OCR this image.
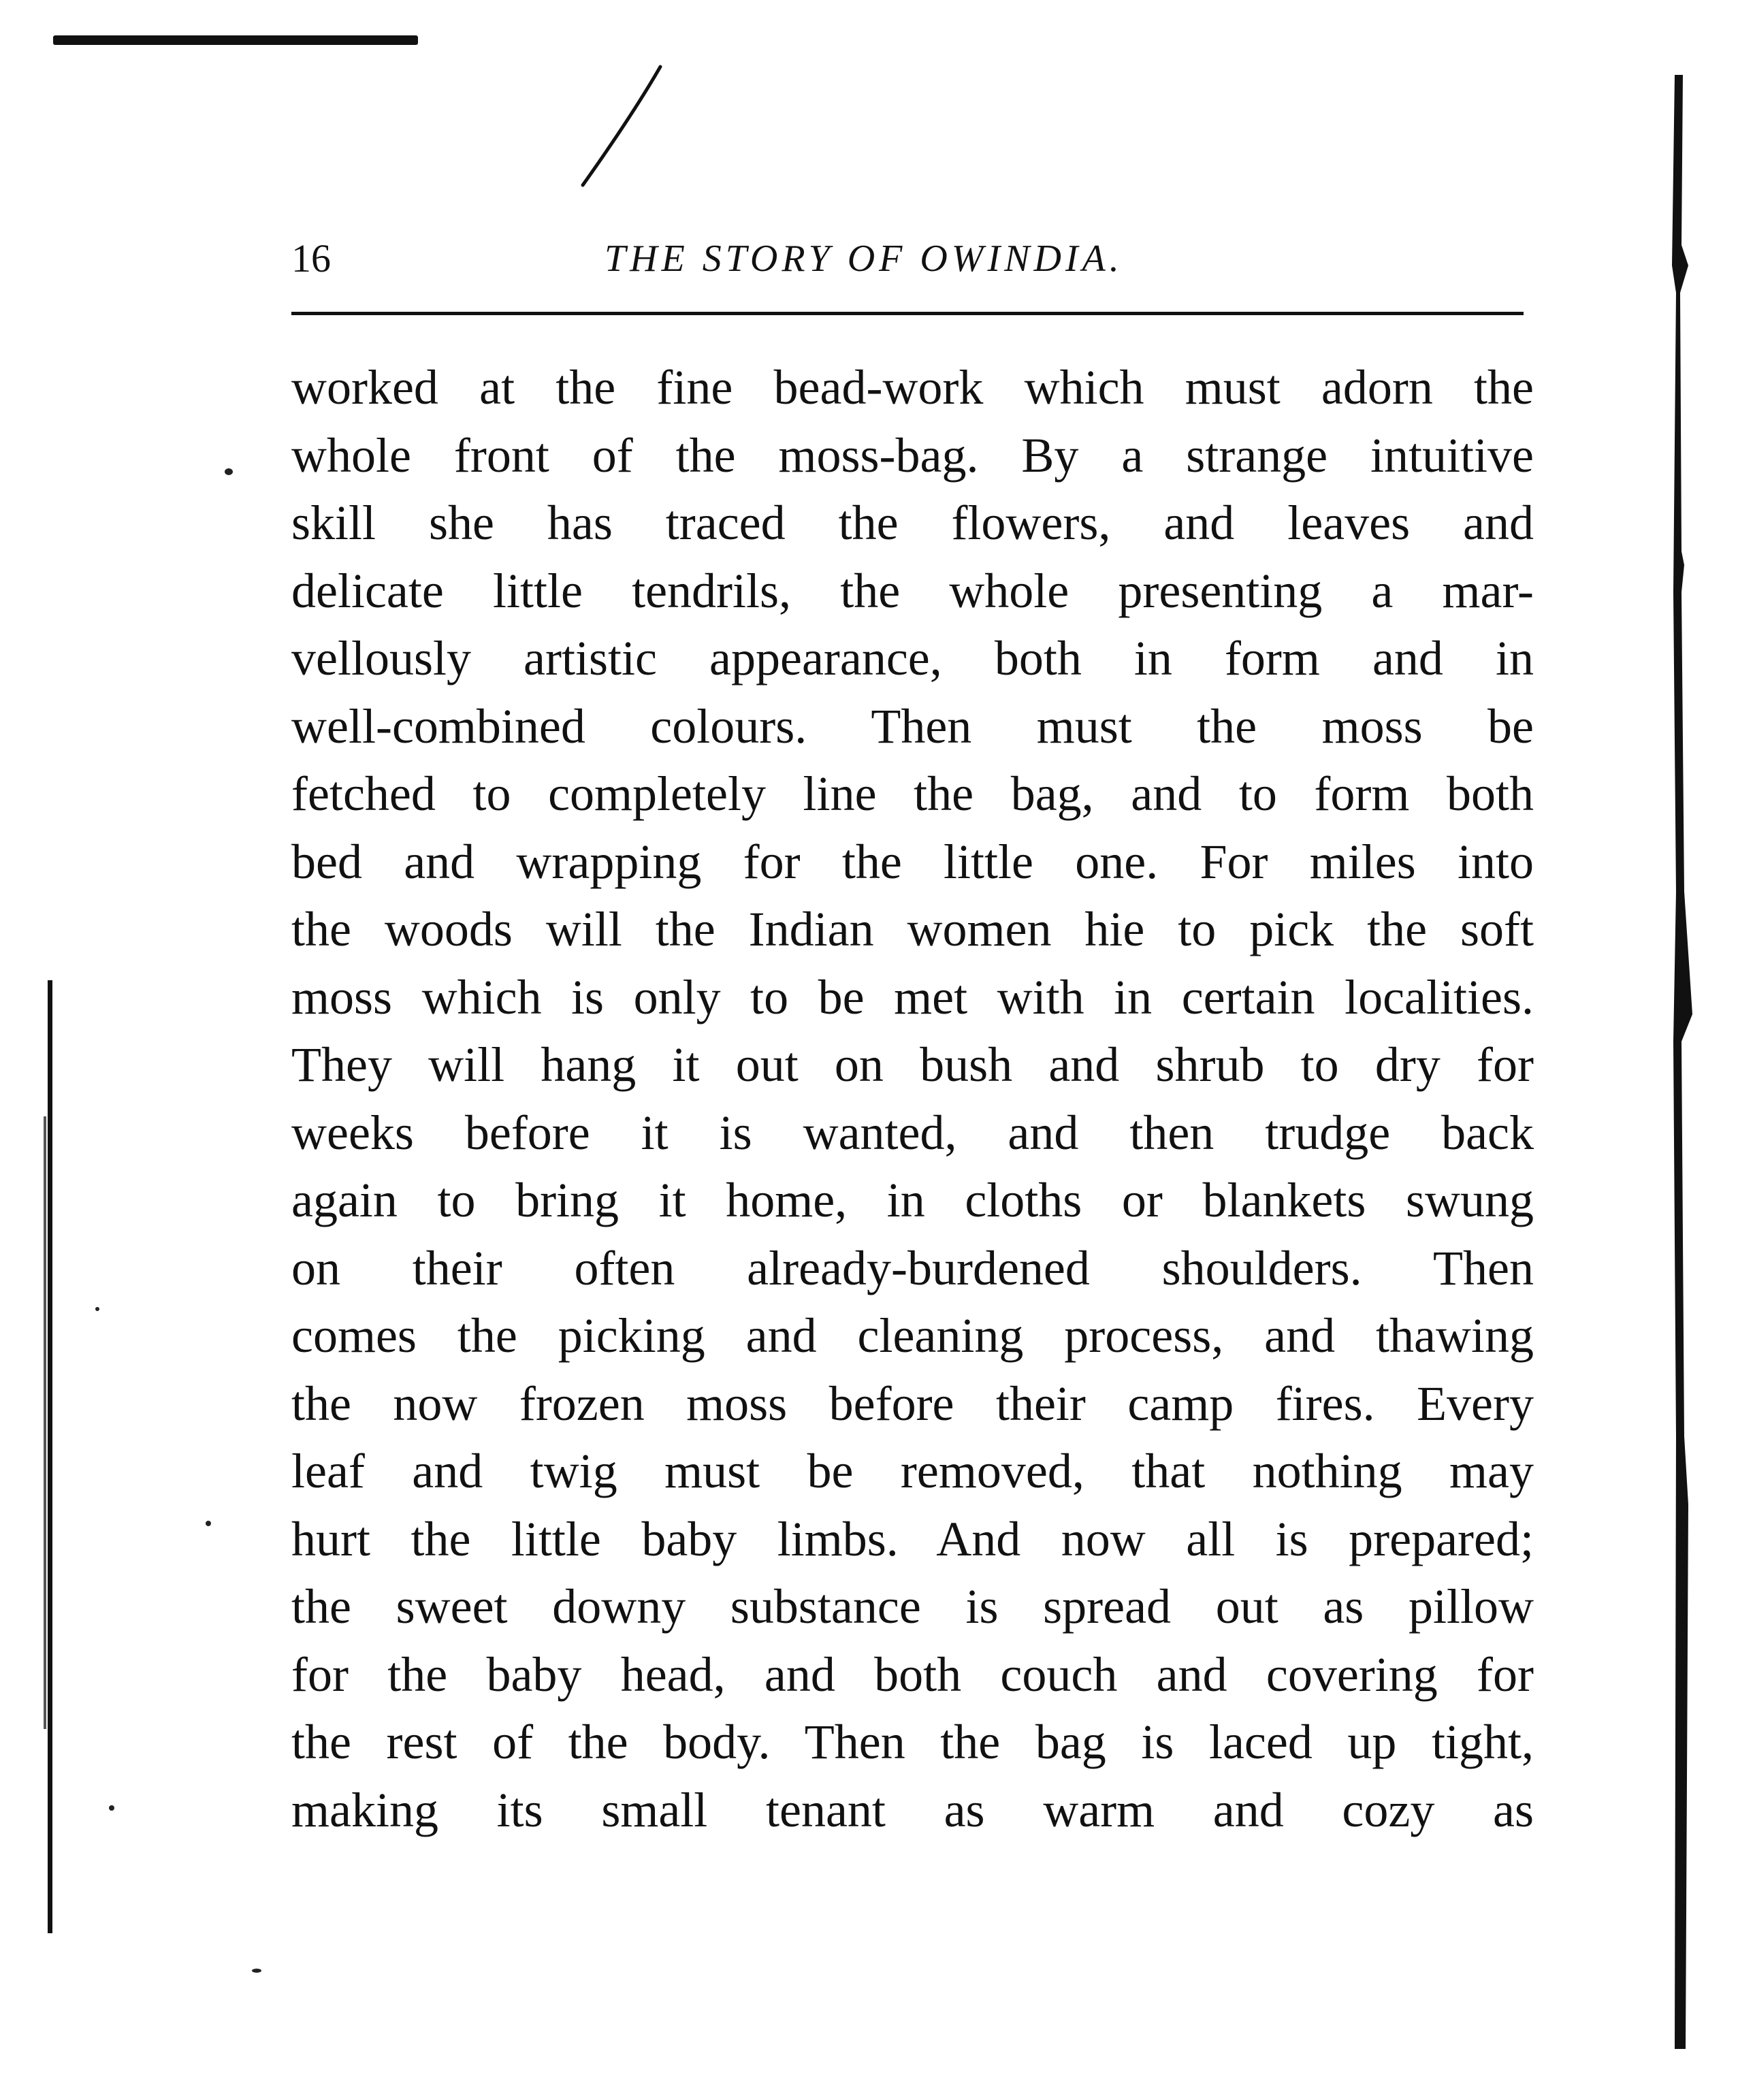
16	THE STORY OF OWINDIA.
worked at the fine bead-work which must adorn the
whole front of the moss-bag. By a strange intuitive
skill she has traced the flowers, and leaves and
delicate little tendrils, the whole presenting a mar-
vellously artistic appearance, both in form and in
well-combined colours. Then must the moss be
fetched to completely line the bag, and to form both
bed and wrapping for the little one. For miles into
the woods will the Indian women hie to pick the soft
moss which is only to be met with in certain localities.
They will hang it out on bush and shrub to dry for
weeks before it is wanted, and then trudge back
again to bring it home, in cloths or blankets swung
on their often already-burdened shoulders. Then
comes the picking and cleaning process, and thawing
the now frozen moss before their camp fires. Every
leaf and twig must be removed, that nothing may
hurt the little baby limbs. And now all is prepared;
the sweet downy substance is spread out as pillow
for the baby head, and both couch and covering for
the rest of the body. Then the bag is laced up tight,
making its small tenant as warm and cozy as
